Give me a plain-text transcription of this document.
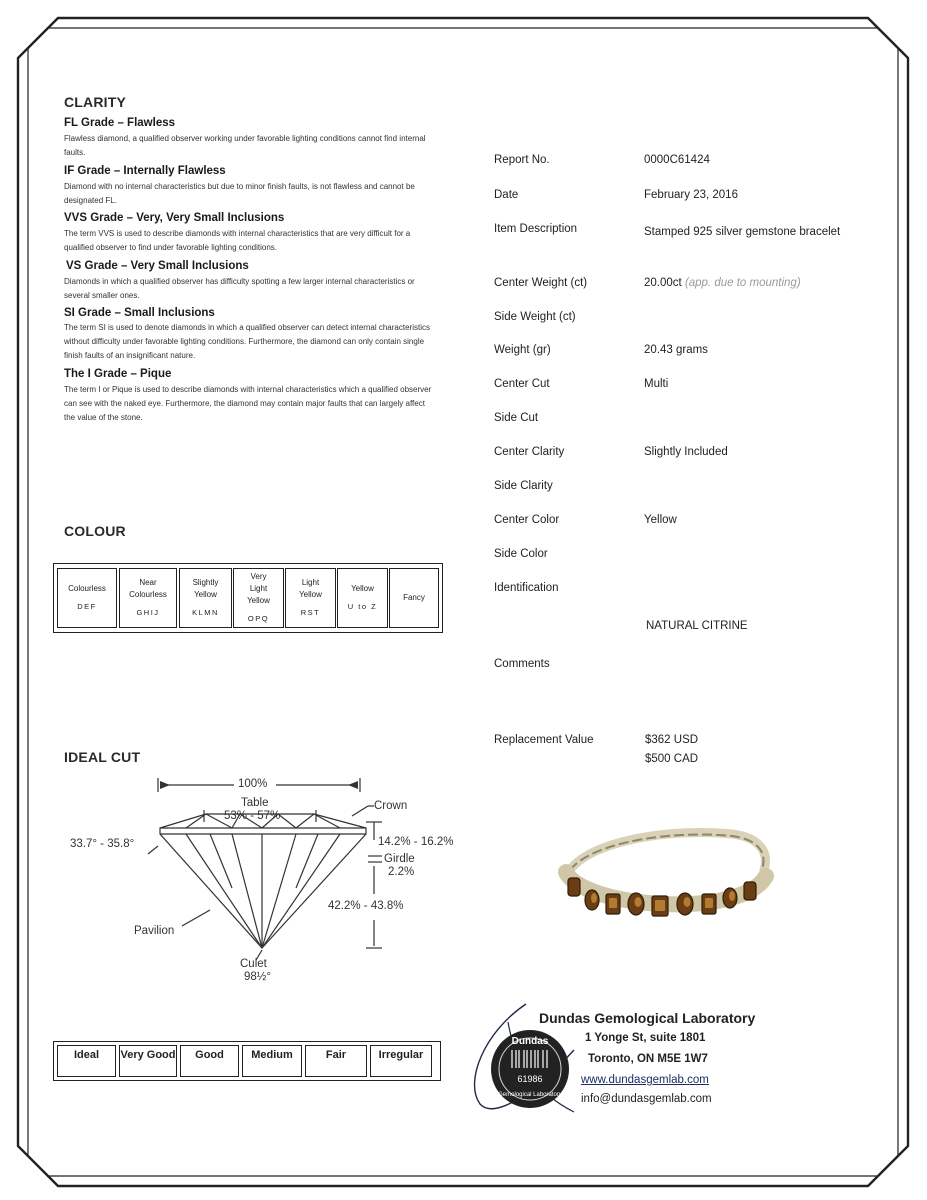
CLARITY
FL Grade – Flawless
Flawless diamond, a qualified observer working under favorable lighting conditions cannot find internal faults.
IF Grade – Internally Flawless
Diamond with no internal characteristics but due to minor finish faults, is not flawless and cannot be designated FL.
VVS Grade – Very, Very Small Inclusions
The term VVS is used to describe diamonds with internal characteristics that are very difficult for a qualified observer to find under favorable lighting conditions.
VS Grade – Very Small Inclusions
Diamonds in which a qualified observer has difficulty spotting a few larger internal characteristics or several smaller ones.
SI Grade – Small Inclusions
The term SI is used to denote diamonds in which a qualified observer can detect internal characteristics without difficulty under favorable lighting conditions. Furthermore, the diamond can only contain single finish faults of an insignificant nature.
The I Grade – Pique
The term I or Pique is used to describe diamonds with internal characteristics which a qualified observer can see with the naked eye. Furthermore, the diamond may contain major faults that can largely affect the value of the stone.
COLOUR
Colourless
DEF
Near Colourless
GHIJ
Slightly Yellow
KLMN
Very Light Yellow
OPQ
Light Yellow
RST
Yellow
U to Z
Fancy
IDEAL CUT
100%
Table
53% - 57%
Crown
33.7° - 35.8°	14.2% - 16.2%
Girdle
2.2%
42.2% - 43.8%
Pavilion
Culet
98½°
Ideal	Very Good	Good	Medium	Fair	Irregular
Report No.	0000C61424
Date	February 23, 2016
Item Description	Stamped 925 silver gemstone bracelet
Center Weight (ct)	20.00ct (app. due to mounting)
Side Weight (ct)
Weight (gr)	20.43 grams
Center Cut	Multi
Side Cut
Center Clarity	Slightly Included
Side Clarity
Center Color	Yellow
Side Color
Identification
NATURAL CITRINE
Comments
Replacement Value	$362 USD
$500 CAD
Dundas
61986
Gemological Laboratory
Dundas Gemological Laboratory
1 Yonge St, suite 1801
Toronto, ON M5E 1W7
www.dundasgemlab.com
info@dundasgemlab.com
